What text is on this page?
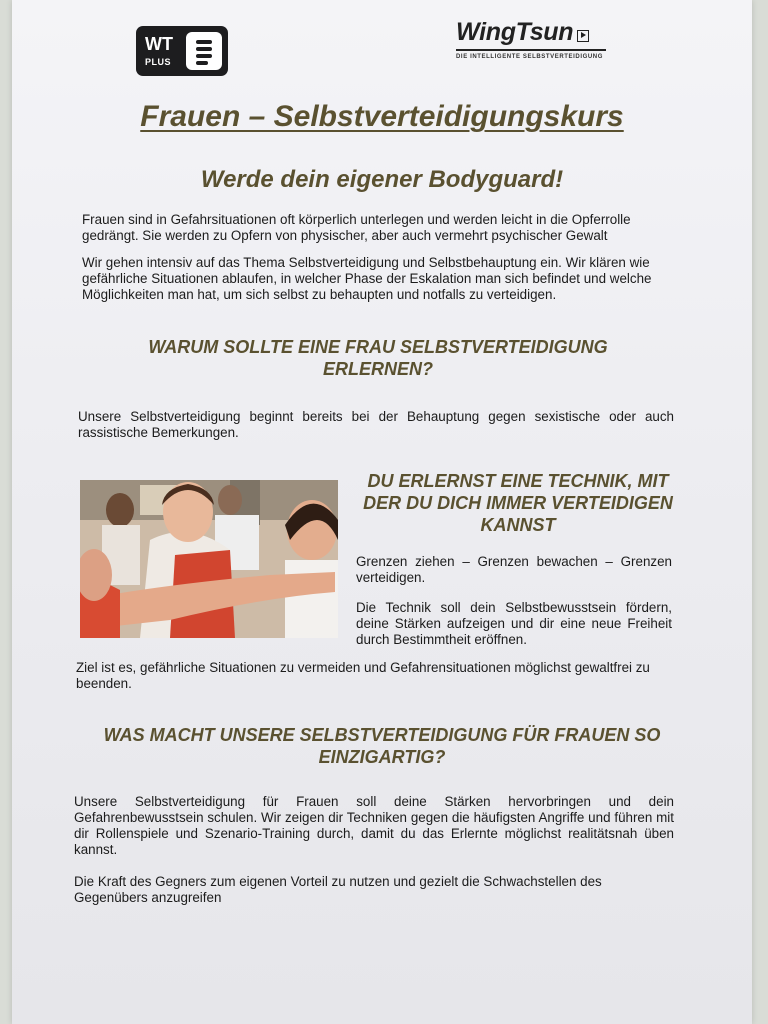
WT
PLUS
WingTsun
DIE INTELLIGENTE SELBSTVERTEIDIGUNG
Frauen – Selbstverteidigungskurs
Werde dein eigener Bodyguard!
Frauen sind in Gefahrsituationen oft körperlich unterlegen und werden leicht in die Opferrolle gedrängt. Sie werden zu Opfern von physischer, aber auch vermehrt psychischer Gewalt
Wir gehen intensiv auf das Thema Selbstverteidigung und Selbstbehauptung ein. Wir klären wie gefährliche Situationen ablaufen, in welcher Phase der Eskalation man sich befindet und welche Möglichkeiten man hat, um sich selbst zu behaupten und notfalls zu verteidigen.
WARUM SOLLTE EINE FRAU SELBSTVERTEIDIGUNG ERLERNEN?
Unsere Selbstverteidigung beginnt bereits bei der Behauptung gegen sexistische oder auch rassistische Bemerkungen.
DU ERLERNST EINE TECHNIK, MIT DER DU DICH IMMER VERTEIDIGEN KANNST
Grenzen ziehen – Grenzen bewachen – Grenzen verteidigen.
Die Technik soll dein Selbstbewusstsein fördern, deine Stärken aufzeigen und dir eine neue Freiheit durch Bestimmtheit eröffnen.
Ziel ist es, gefährliche Situationen zu vermeiden und Gefahrensituationen möglichst gewaltfrei zu beenden.
WAS MACHT UNSERE SELBSTVERTEIDIGUNG FÜR FRAUEN SO EINZIGARTIG?
Unsere Selbstverteidigung für Frauen soll deine Stärken hervorbringen und dein Gefahrenbewusstsein schulen. Wir zeigen dir Techniken gegen die häufigsten Angriffe und führen mit dir Rollenspiele und Szenario-Training durch, damit du das Erlernte möglichst realitätsnah üben kannst.
Die Kraft des Gegners zum eigenen Vorteil zu nutzen und gezielt die Schwachstellen des Gegenübers anzugreifen
